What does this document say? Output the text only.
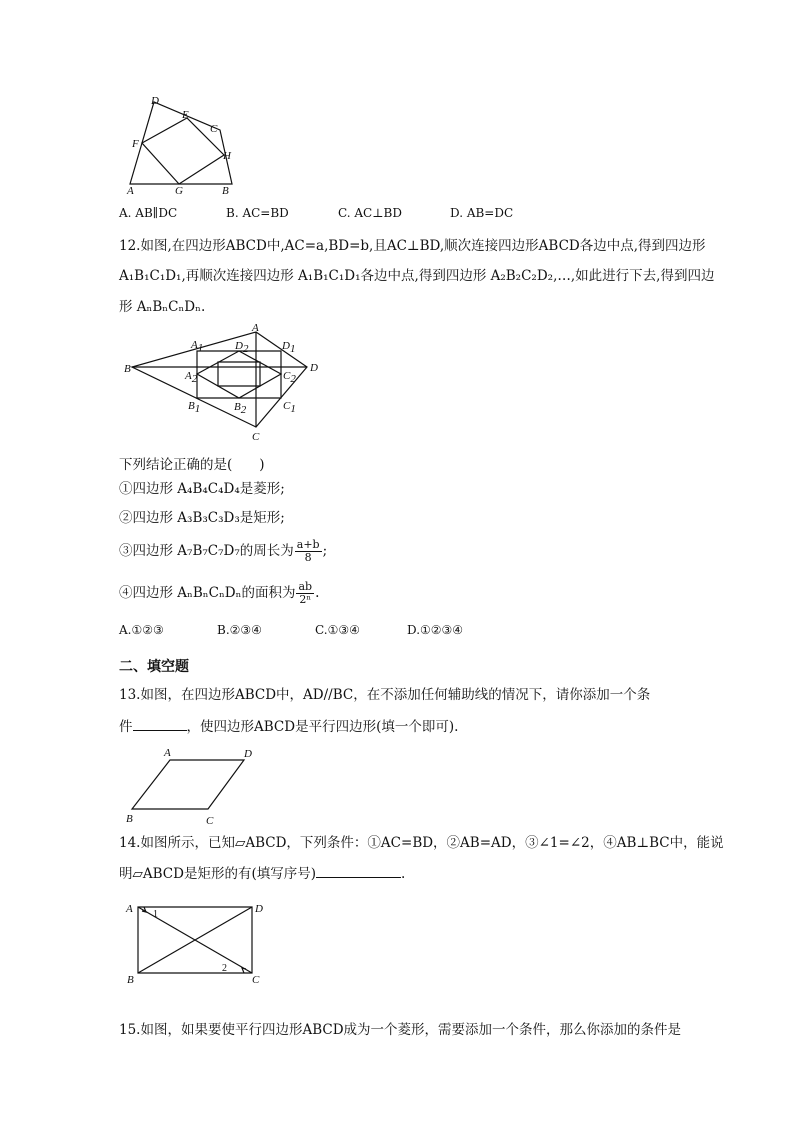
D
E
C
F
H
A	G	B
A. AB∥DC	B. AC=BD	C. AC⊥BD	D. AB=DC
12.如图,在四边形ABCD中,AC=a,BD=b,且AC⊥BD,顺次连接四边形ABCD各边中点,得到四边形
A₁B₁C₁D₁,再顺次连接四边形 A₁B₁C₁D₁各边中点,得到四边形 A₂B₂C₂D₂,…,如此进行下去,得到四边
形 AₙBₙCₙDₙ.
A
B	D
C
A1	D2	D1
A2	C2
B1	B2	C1
下列结论正确的是(　　)
①四边形 A₄B₄C₄D₄是菱形;
②四边形 A₃B₃C₃D₃是矩形;
③四边形 A₇B₇C₇D₇的周长为 $\frac{a+b}{8}$ ;
④四边形 AₙBₙCₙDₙ的面积为 $\frac{ab}{\text{2ⁿ}}$ .
A.①②③	B.②③④	C.①③④	D.①②③④
二、填空题
13.如图，在四边形ABCD中，AD//BC，在不添加任何辅助线的情况下，请你添加一个条
件	，使四边形ABCD是平行四边形(填一个即可).
A	D
B	C
14.如图所示，已知▱ABCD，下列条件：①AC=BD，②AB=AD，③∠1=∠2，④AB⊥BC中，能说
明▱ABCD是矩形的有(填写序号)	.
A	D
B	C
1
2
15.如图，如果要使平行四边形ABCD成为一个菱形，需要添加一个条件，那么你添加的条件是
